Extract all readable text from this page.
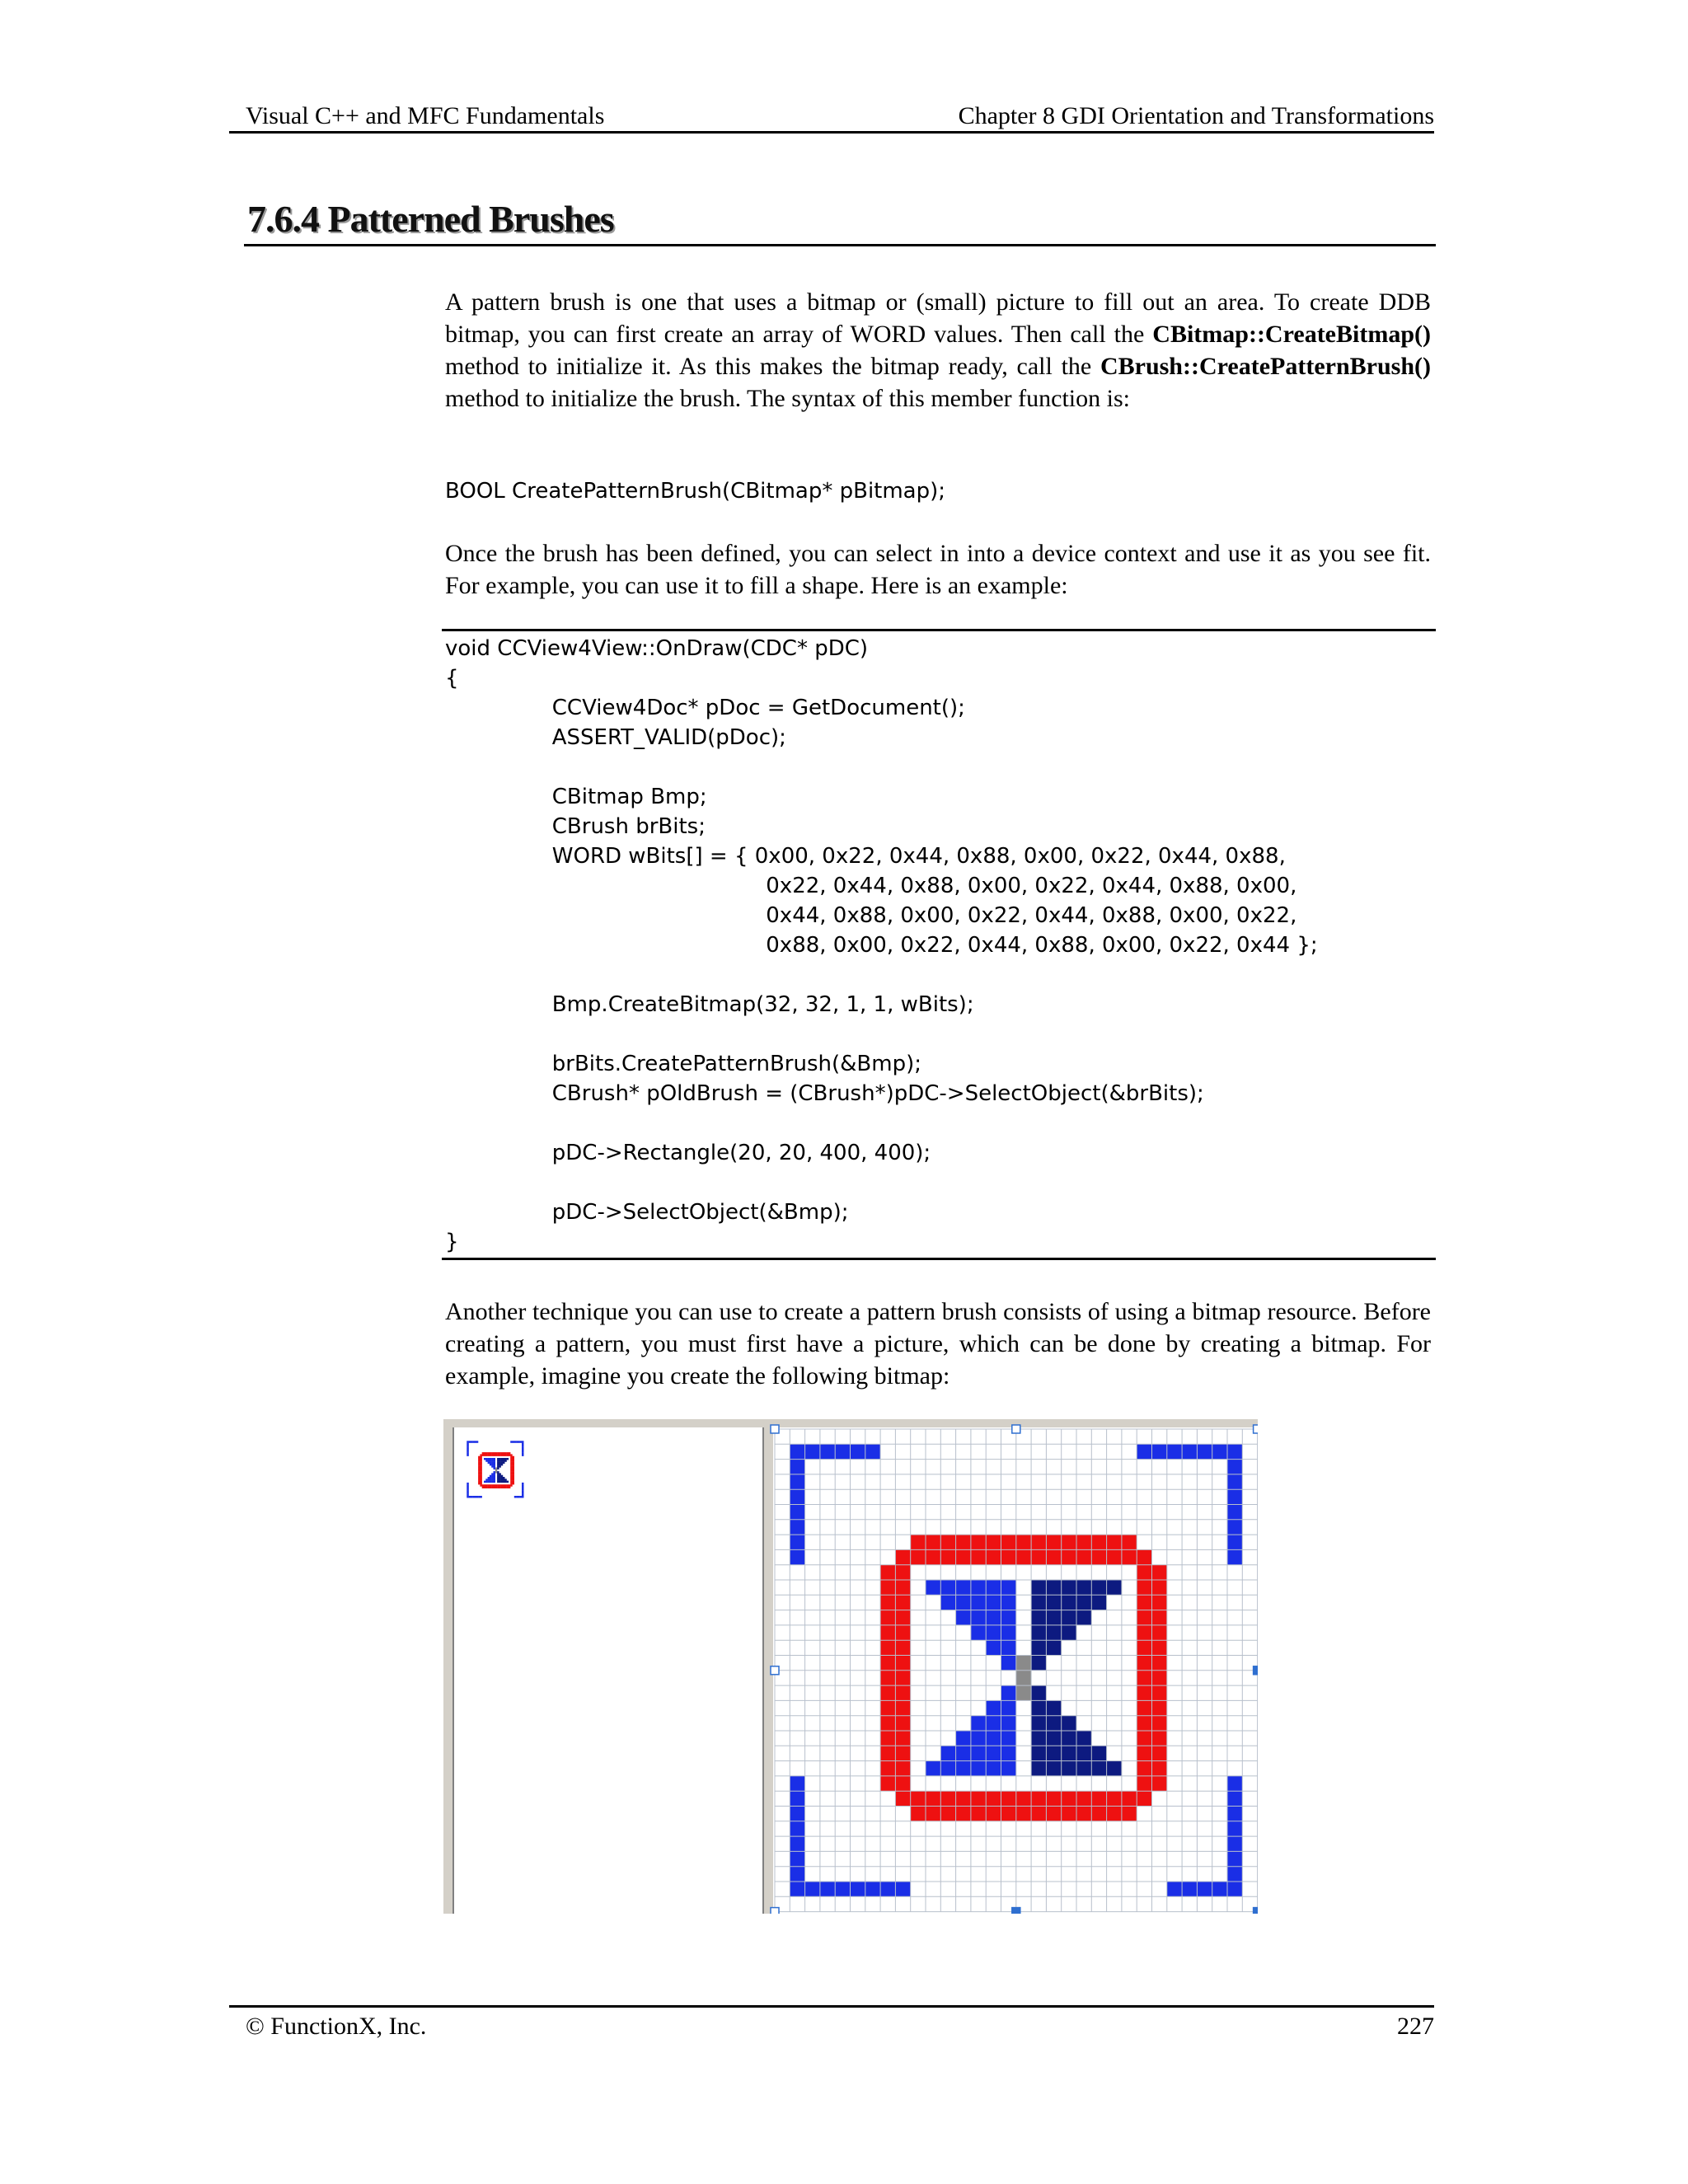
Visual C++ and MFC Fundamentals	Chapter 8 GDI Orientation and Transformations
7.6.4 Patterned Brushes
A pattern brush is one that uses a bitmap or (small) picture to fill out an area. To create DDB bitmap, you can first create an array of WORD values. Then call the CBitmap::CreateBitmap() method to initialize it. As this makes the bitmap ready, call the CBrush::CreatePatternBrush() method to initialize the brush. The syntax of this member function is:
BOOL CreatePatternBrush(CBitmap* pBitmap);
Once the brush has been defined, you can select in into a device context and use it as you see fit. For example, you can use it to fill a shape. Here is an example:
void CCView4View::OnDraw(CDC* pDC)
{
	CCView4Doc* pDoc = GetDocument();
	ASSERT_VALID(pDoc);
	CBitmap Bmp;
	CBrush brBits;
	WORD wBits[] = { 0x00, 0x22, 0x44, 0x88, 0x00, 0x22, 0x44, 0x88,
			0x22, 0x44, 0x88, 0x00, 0x22, 0x44, 0x88, 0x00,
			0x44, 0x88, 0x00, 0x22, 0x44, 0x88, 0x00, 0x22,
			0x88, 0x00, 0x22, 0x44, 0x88, 0x00, 0x22, 0x44 };
	Bmp.CreateBitmap(32, 32, 1, 1, wBits);
	brBits.CreatePatternBrush(&Bmp);
	CBrush* pOldBrush = (CBrush*)pDC->SelectObject(&brBits);
	pDC->Rectangle(20, 20, 400, 400);
	pDC->SelectObject(&Bmp);
}
Another technique you can use to create a pattern brush consists of using a bitmap resource. Before creating a pattern, you must first have a picture, which can be done by creating a bitmap. For example, imagine you create the following bitmap:
© FunctionX, Inc.	227
